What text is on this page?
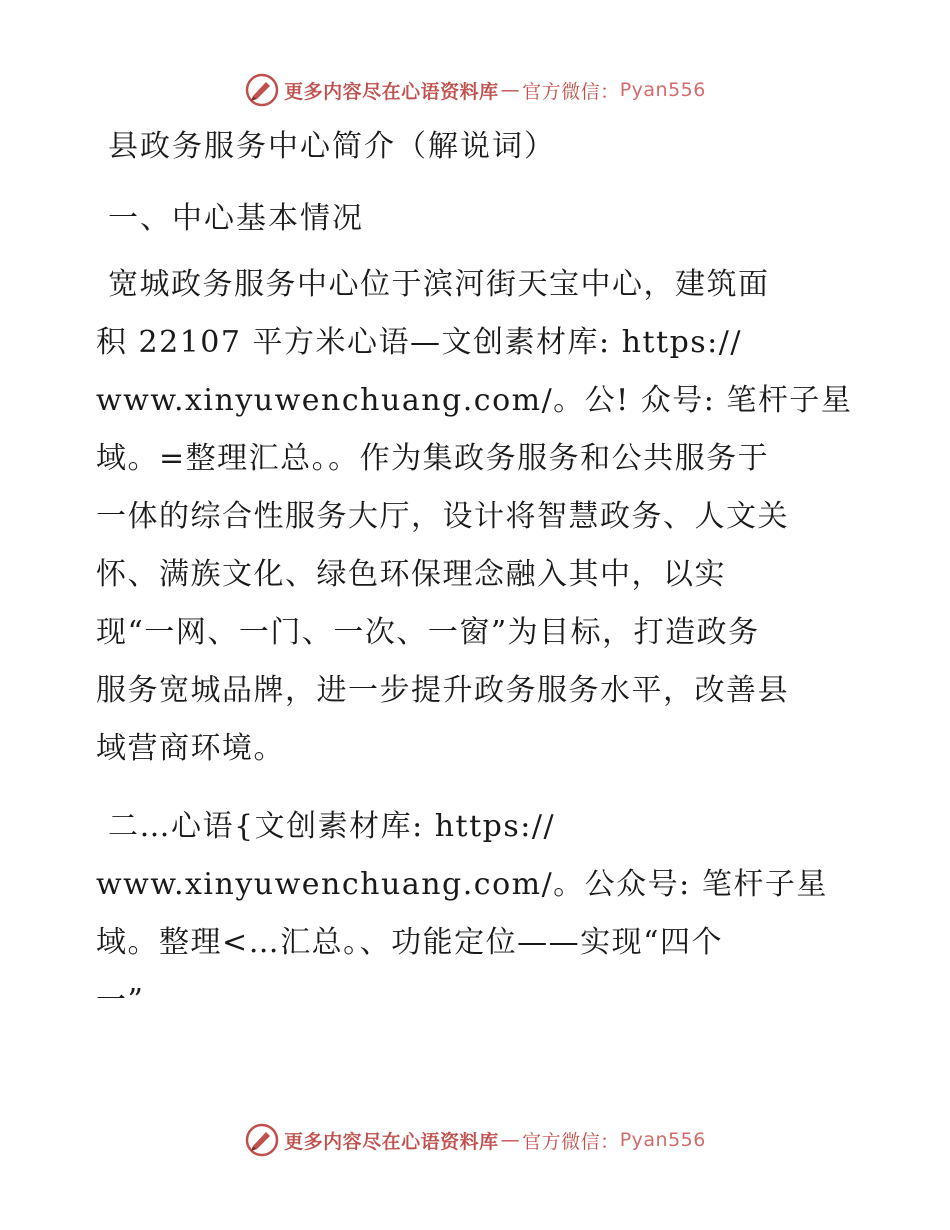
更多内容尽在心语资料库 — 官方微信： Pyan556
县政务服务中心简介（解说词）
一、中心基本情况

宽城政务服务中心位于滨河街天宝中心，建筑面
积 22107 平方米心语—文创素材库: https://
www.xinyuwenchuang.com/。公! 众号: 笔杆子星
域。=整理汇总。。作为集政务服务和公共服务于
一体的综合性服务大厅，设计将智慧政务、人文关
怀、满族文化、绿色环保理念融入其中，以实
现“一网、一门、一次、一窗”为目标，打造政务
服务宽城品牌，进一步提升政务服务水平，改善县
域营商环境。

二…心语{文创素材库: https://
www.xinyuwenchuang.com/。公众号: 笔杆子星
域。整理<…汇总。、功能定位——实现“四个
一”

更多内容尽在心语资料库 — 官方微信： Pyan556
